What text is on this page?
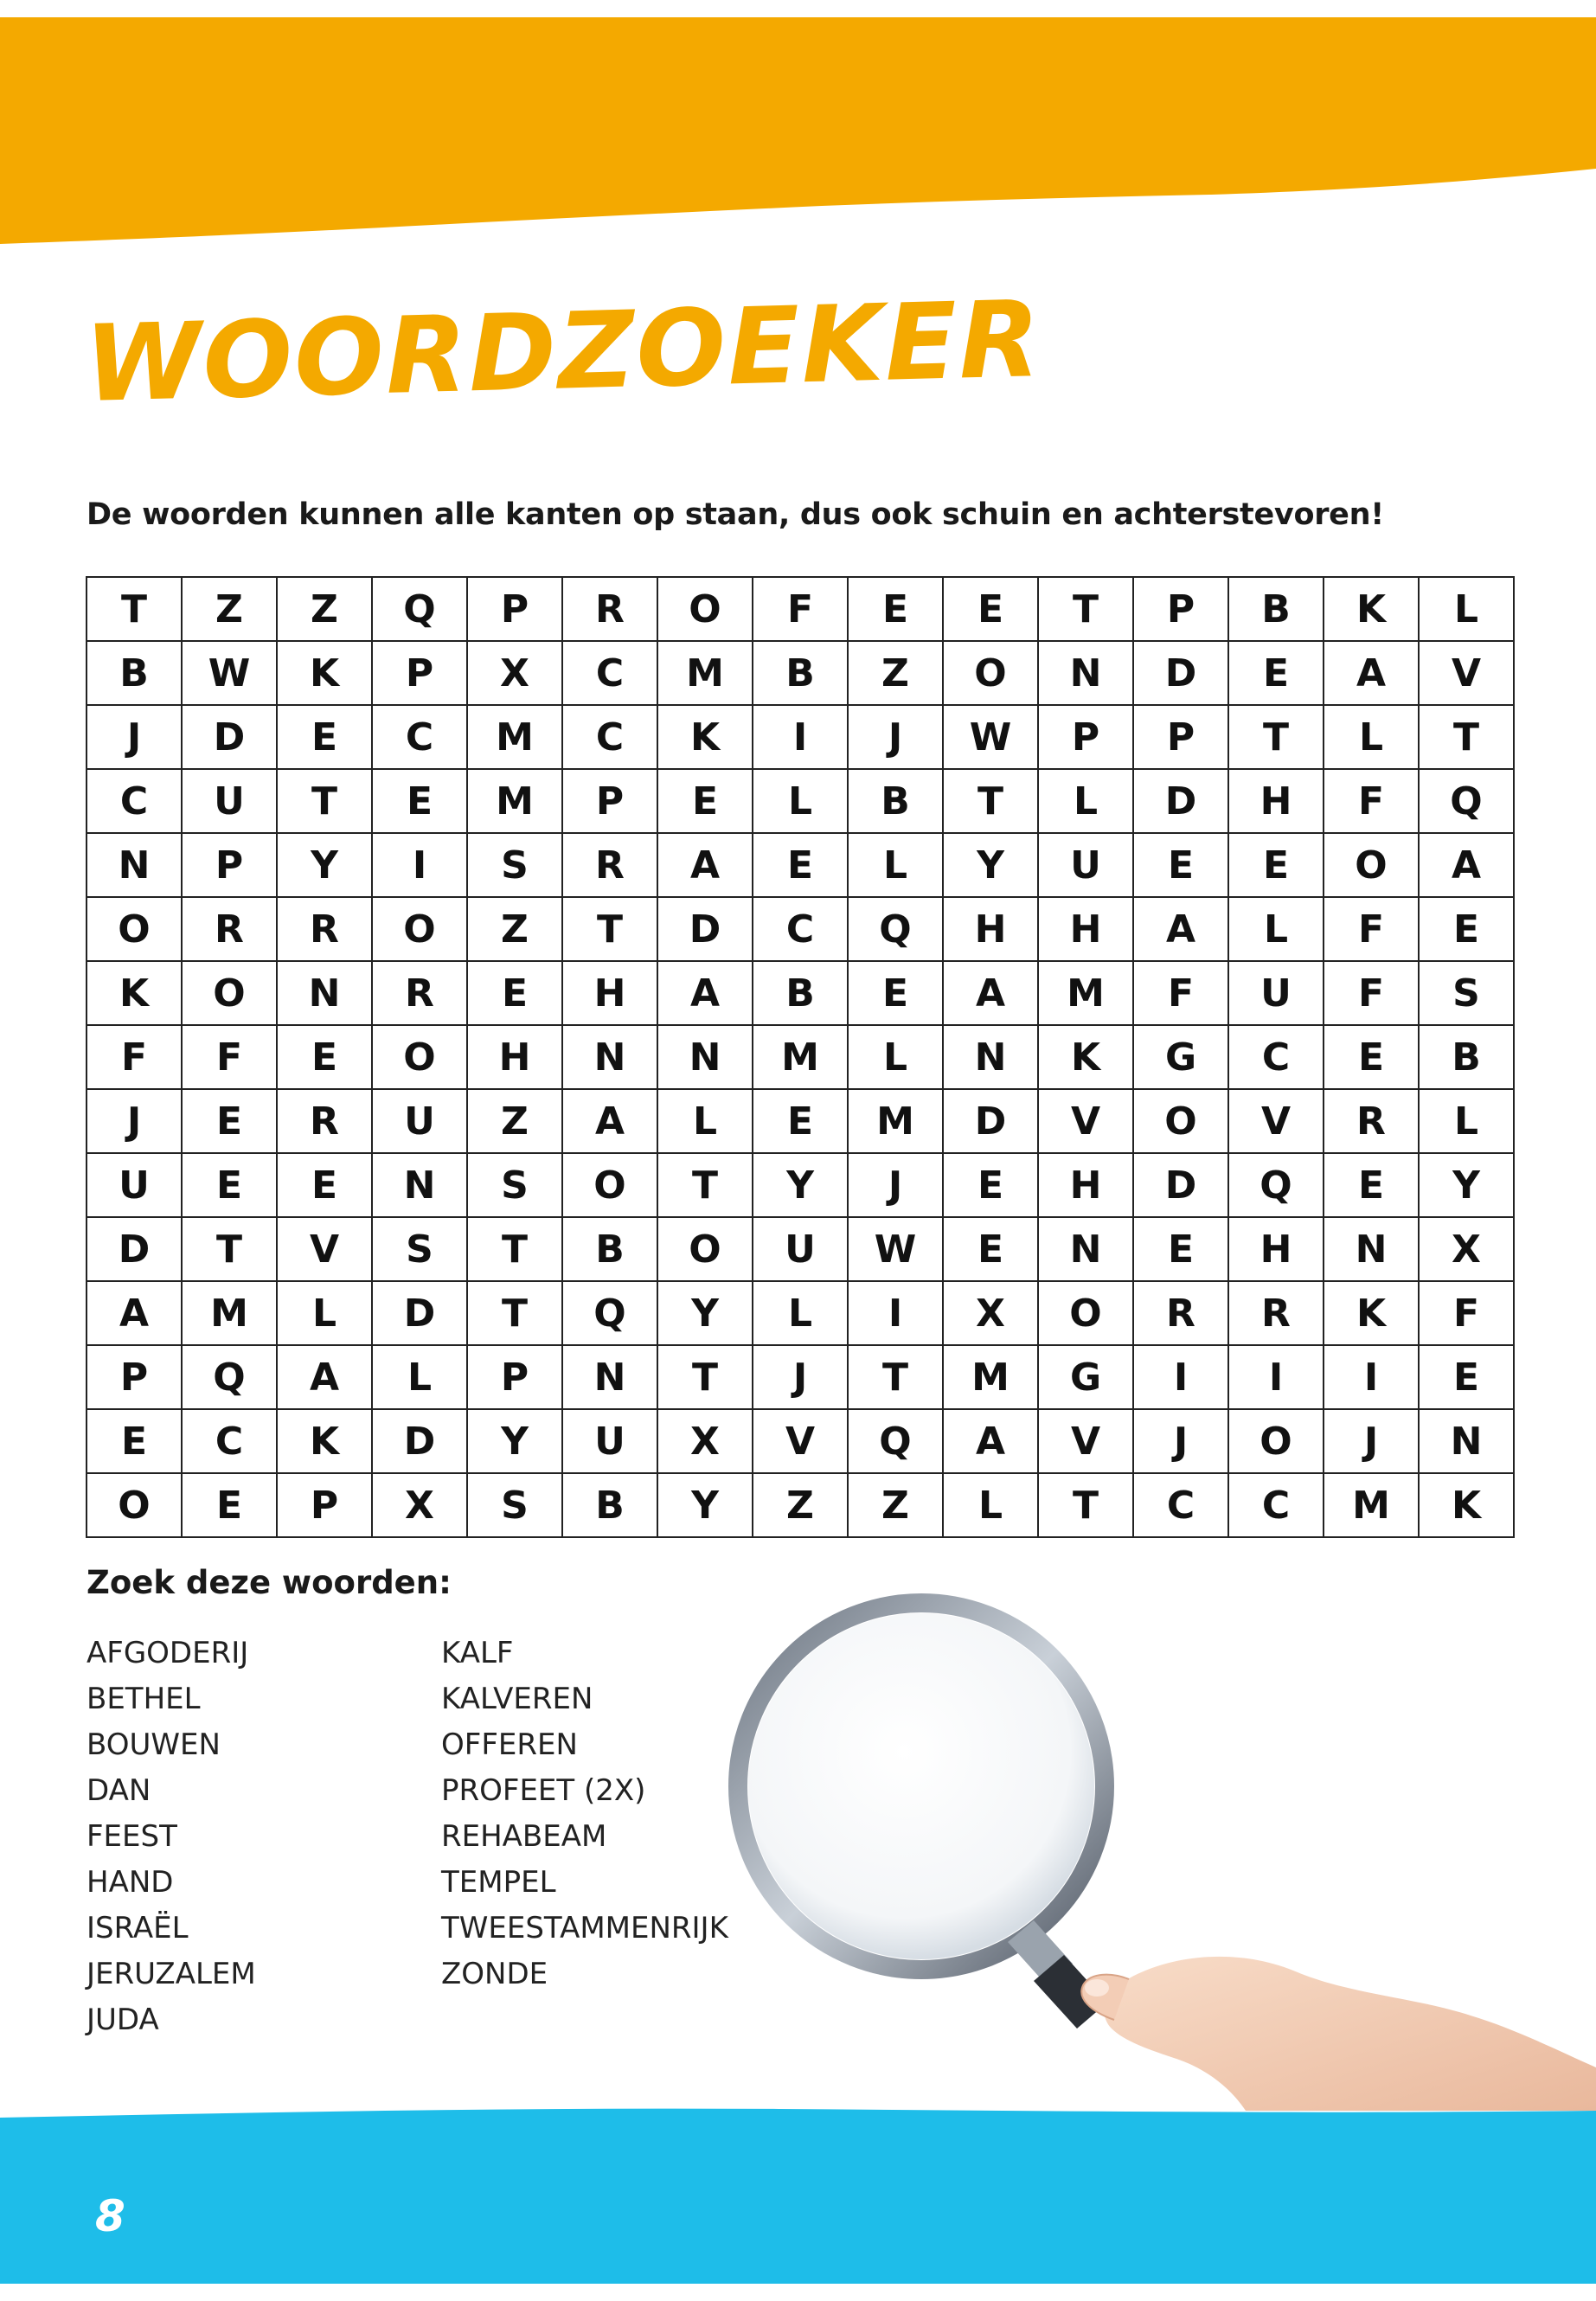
WOORDZOEKER
De woorden kunnen alle kanten op staan, dus ook schuin en achterstevoren!
T	Z	Z	Q	P	R	O	F	E	E	T	P	B	K	L
B	W	K	P	X	C	M	B	Z	O	N	D	E	A	V
J	D	E	C	M	C	K	I	J	W	P	P	T	L	T
C	U	T	E	M	P	E	L	B	T	L	D	H	F	Q
N	P	Y	I	S	R	A	E	L	Y	U	E	E	O	A
O	R	R	O	Z	T	D	C	Q	H	H	A	L	F	E
K	O	N	R	E	H	A	B	E	A	M	F	U	F	S
F	F	E	O	H	N	N	M	L	N	K	G	C	E	B
J	E	R	U	Z	A	L	E	M	D	V	O	V	R	L
U	E	E	N	S	O	T	Y	J	E	H	D	Q	E	Y
D	T	V	S	T	B	O	U	W	E	N	E	H	N	X
A	M	L	D	T	Q	Y	L	I	X	O	R	R	K	F
P	Q	A	L	P	N	T	J	T	M	G	I	I	I	E
E	C	K	D	Y	U	X	V	Q	A	V	J	O	J	N
O	E	P	X	S	B	Y	Z	Z	L	T	C	C	M	K
Zoek deze woorden:
AFGODERIJ
BETHEL
BOUWEN
DAN
FEEST
HAND
ISRAËL
JERUZALEM
JUDA
KALF
KALVEREN
OFFEREN
PROFEET (2X)
REHABEAM
TEMPEL
TWEESTAMMENRIJK
ZONDE
8
